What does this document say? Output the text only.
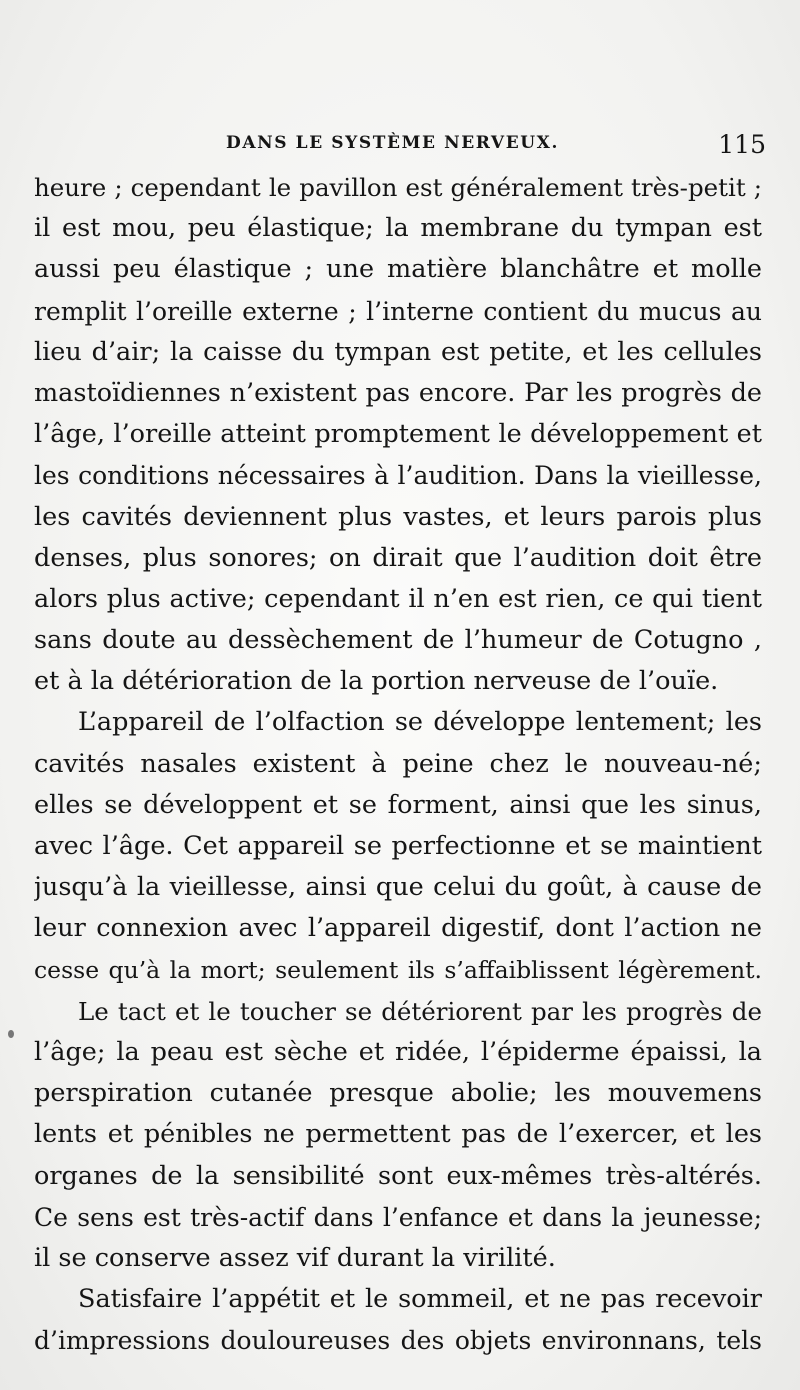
DANS LE SYSTÈME NERVEUX.	115
heure ; cependant le pavillon est généralement très-petit ;
il est mou, peu élastique; la membrane du tympan est
aussi peu élastique ; une matière blanchâtre et molle
remplit l’oreille externe ; l’interne contient du mucus au
lieu d’air; la caisse du tympan est petite, et les cellules
mastoïdiennes n’existent pas encore. Par les progrès de
l’âge, l’oreille atteint promptement le développement et
les conditions nécessaires à l’audition. Dans la vieillesse,
les cavités deviennent plus vastes, et leurs parois plus
denses, plus sonores; on dirait que l’audition doit être
alors plus active; cependant il n’en est rien, ce qui tient
sans doute au dessèchement de l’humeur de Cotugno ,
et à la détérioration de la portion nerveuse de l’ouïe.
L’appareil de l’olfaction se développe lentement; les
cavités nasales existent à peine chez le nouveau-né;
elles se développent et se forment, ainsi que les sinus,
avec l’âge. Cet appareil se perfectionne et se maintient
jusqu’à la vieillesse, ainsi que celui du goût, à cause de
leur connexion avec l’appareil digestif, dont l’action ne
cesse qu’à la mort; seulement ils s’affaiblissent légèrement.
Le tact et le toucher se détériorent par les progrès de
l’âge; la peau est sèche et ridée, l’épiderme épaissi, la
perspiration cutanée presque abolie; les mouvemens
lents et pénibles ne permettent pas de l’exercer, et les
organes de la sensibilité sont eux-mêmes très-altérés.
Ce sens est très-actif dans l’enfance et dans la jeunesse;
il se conserve assez vif durant la virilité.
Satisfaire l’appétit et le sommeil, et ne pas recevoir
d’impressions douloureuses des objets environnans, tels
